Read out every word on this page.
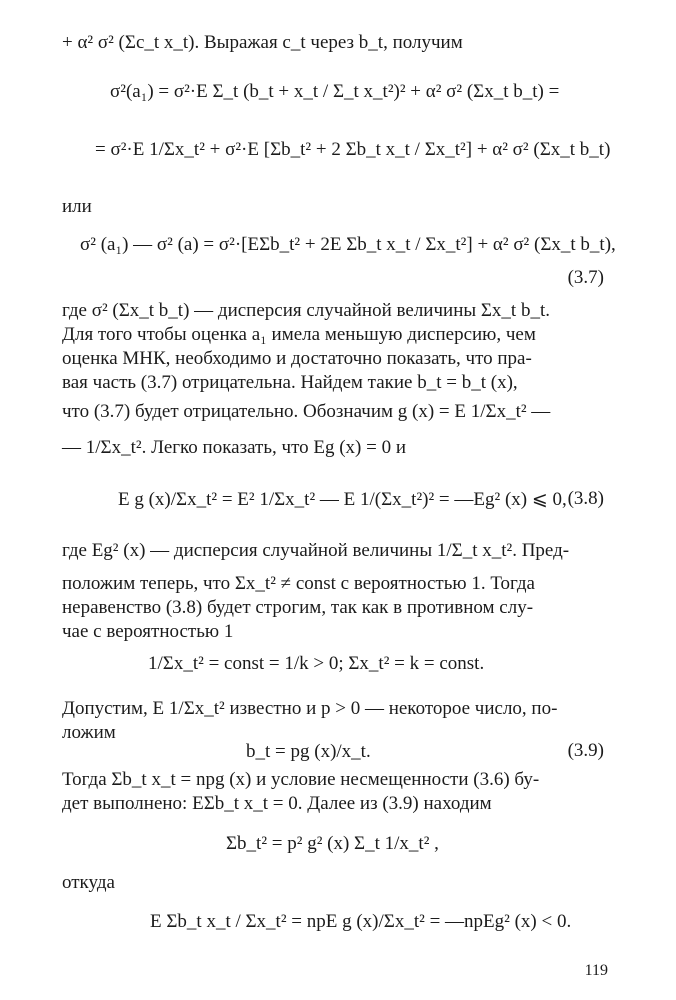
+ α² σ² (Σc_t x_t). Выражая c_t через b_t, получим
σ²(a₁) = σ²·E Σ_t (b_t + x_t / Σ_t x_t²)² + α² σ² (Σx_t b_t) =
= σ²·E 1/Σx_t² + σ²·E [Σb_t² + 2 Σb_t x_t / Σx_t²] + α² σ² (Σx_t b_t)
или
σ² (a₁) — σ² (a) = σ²·[EΣb_t² + 2E Σb_t x_t / Σx_t²] + α² σ² (Σx_t b_t),
(3.7)
где σ² (Σx_t b_t) — дисперсия случайной величины Σx_t b_t.
Для того чтобы оценка a₁ имела меньшую дисперсию, чем
оценка МНК, необходимо и достаточно показать, что пра-
вая часть (3.7) отрицательна. Найдем такие b_t = b_t (x),
что (3.7) будет отрицательно. Обозначим g (x) = E 1/Σx_t² —
— 1/Σx_t². Легко показать, что Eg (x) = 0 и
E g (x)/Σx_t² = E² 1/Σx_t² — E 1/(Σx_t²)² = —Eg² (x) ⩽ 0, (3.8)
где Eg² (x) — дисперсия случайной величины 1/Σ_t x_t². Пред-
положим теперь, что Σx_t² ≠ const с вероятностью 1. Тогда
неравенство (3.8) будет строгим, так как в противном слу-
чае с вероятностью 1
1/Σx_t² = const = 1/k > 0; Σx_t² = k = const.
Допустим, E 1/Σx_t² известно и p > 0 — некоторое число, по-
ложим
b_t = pg (x)/x_t.	(3.9)
Тогда Σb_t x_t = npg (x) и условие несмещенности (3.6) бу-
дет выполнено: EΣb_t x_t = 0. Далее из (3.9) находим
Σb_t² = p² g² (x) Σ_t 1/x_t² ,
откуда
E Σb_t x_t / Σx_t² = npE g (x)/Σx_t² = —npEg² (x) < 0.
119
